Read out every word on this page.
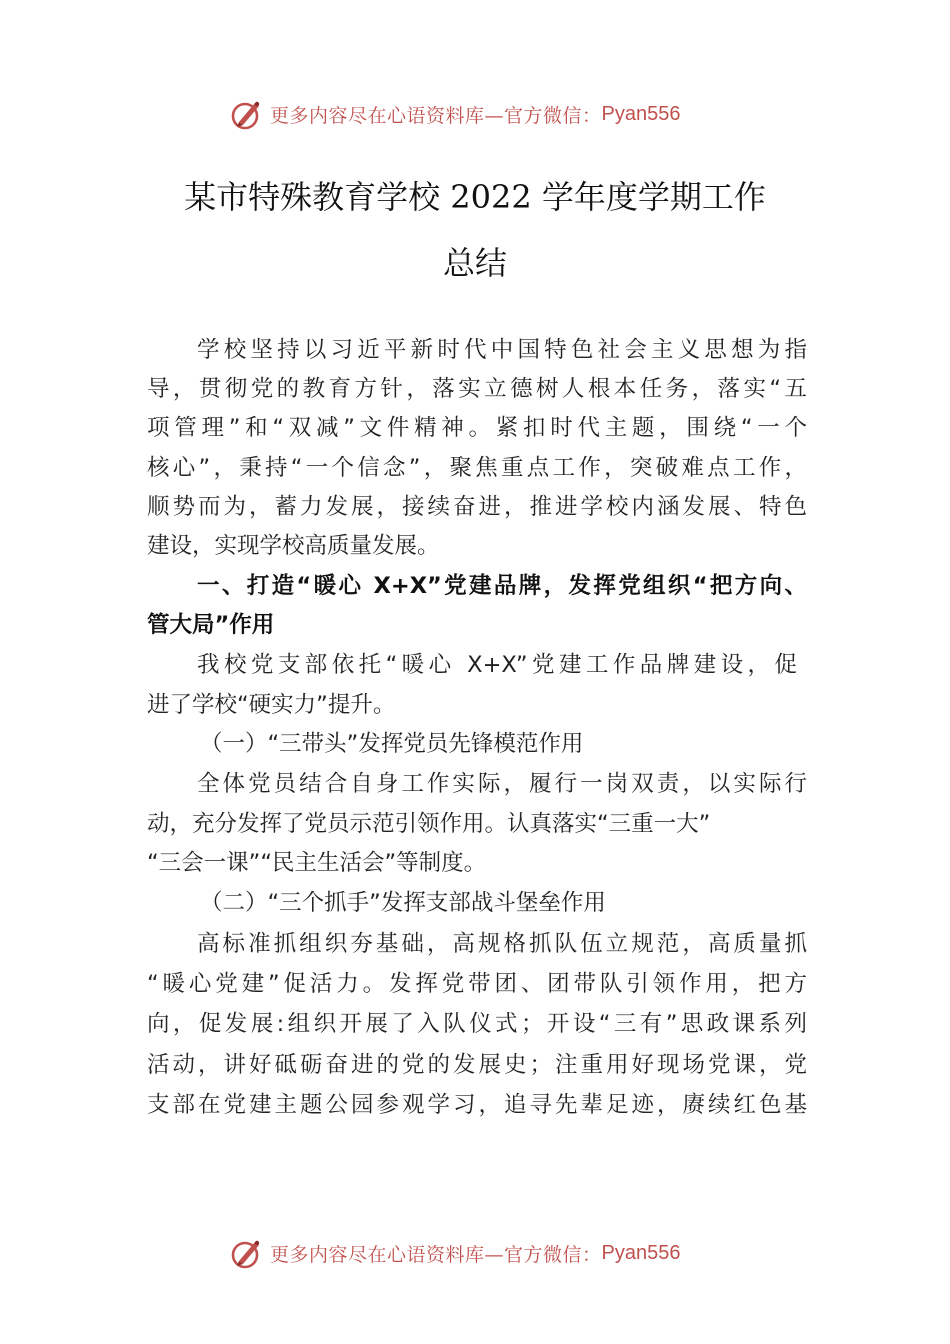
更多内容尽在心语资料库—官方微信： Pyan556
某市特殊教育学校 2022 学年度学期工作
总结

学校坚持以习近平新时代中国特色社会主义思想为指

导，贯彻党的教育方针，落实立德树人根本任务，落实“五

项管理”和“双减”文件精神。紧扣时代主题，围绕“一个

核心”，秉持“一个信念”，聚焦重点工作，突破难点工作，

顺势而为，蓄力发展，接续奋进，推进学校内涵发展、特色

建设，实现学校高质量发展。

一、打造“暖心 X+X”党建品牌，发挥党组织“把方向、

管大局”作用

我校党支部依托“暖心 X+X”党建工作品牌建设，促

进了学校“硬实力”提升。

（一）“三带头”发挥党员先锋模范作用

全体党员结合自身工作实际，履行一岗双责，以实际行

动，充分发挥了党员示范引领作用。认真落实“三重一大”

“三会一课”“民主生活会”等制度。

（二）“三个抓手”发挥支部战斗堡垒作用

高标准抓组织夯基础，高规格抓队伍立规范，高质量抓

“暖心党建”促活力。发挥党带团、团带队引领作用，把方

向，促发展:组织开展了入队仪式；开设“三有”思政课系列

活动，讲好砥砺奋进的党的发展史；注重用好现场党课，党

支部在党建主题公园参观学习，追寻先辈足迹，赓续红色基

更多内容尽在心语资料库—官方微信： Pyan556
